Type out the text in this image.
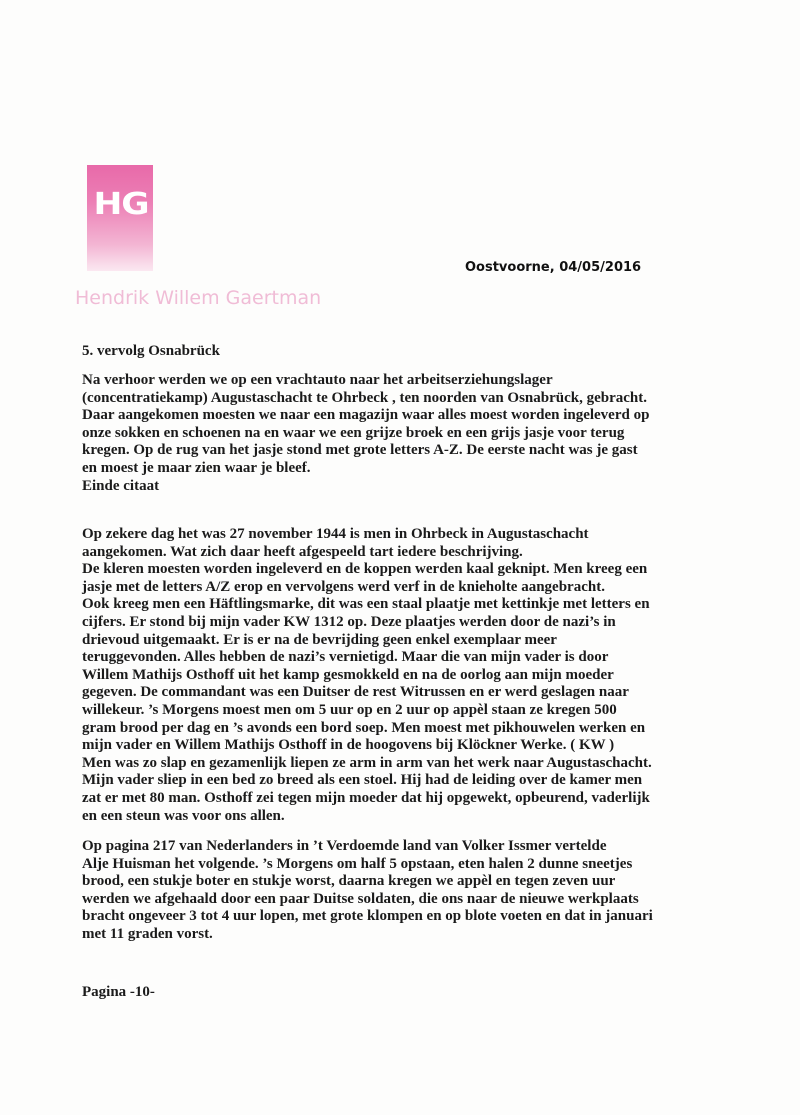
HG
Hendrik Willem Gaertman
Oostvoorne, 04/05/2016
5. vervolg Osnabrück
Na verhoor werden we op een vrachtauto naar het arbeitserziehungslager
(concentratiekamp) Augustaschacht te Ohrbeck , ten noorden van Osnabrück, gebracht.
Daar aangekomen moesten we naar een magazijn waar alles moest worden ingeleverd op
onze sokken en schoenen na en waar we een grijze broek en een grijs jasje voor terug
kregen. Op de rug van het jasje stond met grote letters A-Z. De eerste nacht was je gast
en moest je maar zien waar je bleef.
Einde citaat
Op zekere dag het was 27 november 1944 is men in Ohrbeck in Augustaschacht
aangekomen. Wat zich daar heeft afgespeeld tart iedere beschrijving.
De kleren moesten worden ingeleverd en de koppen werden kaal geknipt. Men kreeg een
jasje met de letters A/Z erop en vervolgens werd verf in de knieholte aangebracht.
Ook kreeg men een Häftlingsmarke, dit was een staal plaatje met kettinkje met letters en
cijfers. Er stond bij mijn vader KW 1312 op. Deze plaatjes werden door de nazi’s in
drievoud uitgemaakt. Er is er na de bevrijding geen enkel exemplaar meer
teruggevonden. Alles hebben de nazi’s vernietigd. Maar die van mijn vader is door
Willem Mathijs Osthoff uit het kamp gesmokkeld en na de oorlog aan mijn moeder
gegeven. De commandant was een Duitser de rest Witrussen en er werd geslagen naar
willekeur. ’s Morgens moest men om 5 uur op en 2 uur op appèl staan ze kregen 500
gram brood per dag en ’s avonds een bord soep. Men moest met pikhouwelen werken en
mijn vader en Willem Mathijs Osthoff in de hoogovens bij Klöckner Werke. ( KW )
Men was zo slap en gezamenlijk liepen ze arm in arm van het werk naar Augustaschacht.
Mijn vader sliep in een bed zo breed als een stoel. Hij had de leiding over de kamer men
zat er met 80 man. Osthoff zei tegen mijn moeder dat hij opgewekt, opbeurend, vaderlijk
en een steun was voor ons allen.
Op pagina 217 van Nederlanders in ’t Verdoemde land van Volker Issmer vertelde
Alje Huisman het volgende. ’s Morgens om half 5 opstaan, eten halen 2 dunne sneetjes
brood, een stukje boter en stukje worst, daarna kregen we appèl en tegen zeven uur
werden we afgehaald door een paar Duitse soldaten, die ons naar de nieuwe werkplaats
bracht ongeveer 3 tot 4 uur lopen, met grote klompen en op blote voeten en dat in januari
met 11 graden vorst.
Pagina -10-
